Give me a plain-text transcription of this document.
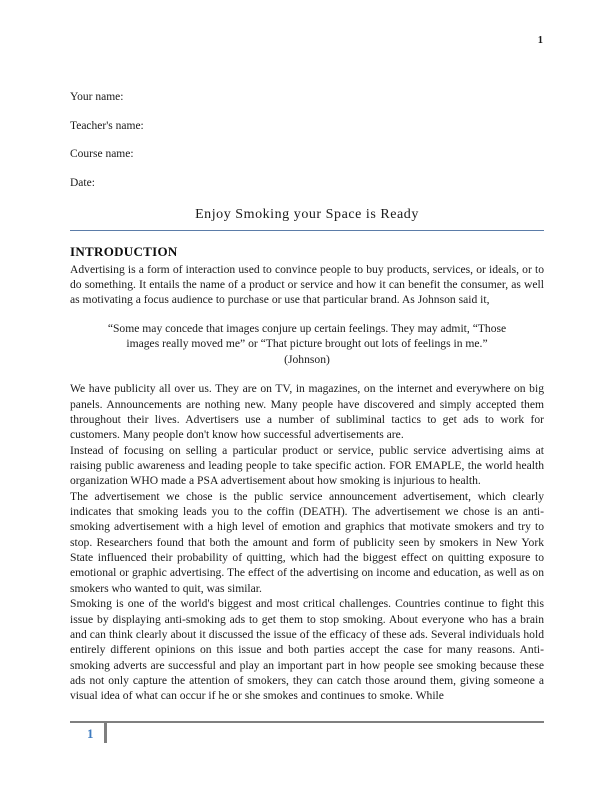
1
Your name:
Teacher's name:
Course name:
Date:
Enjoy Smoking your Space is Ready
INTRODUCTION

Advertising is a form of interaction used to convince people to buy products, services, or ideals, or to do something. It entails the name of a product or service and how it can benefit the consumer, as well as motivating a focus audience to purchase or use that particular brand. As Johnson said it,

“Some may concede that images conjure up certain feelings. They may admit, “Those images really moved me” or “That picture brought out lots of feelings in me.” (Johnson)

We have publicity all over us. They are on TV, in magazines, on the internet and everywhere on big panels. Announcements are nothing new. Many people have discovered and simply accepted them throughout their lives. Advertisers use a number of subliminal tactics to get ads to work for customers. Many people don't know how successful advertisements are.

Instead of focusing on selling a particular product or service, public service advertising aims at raising public awareness and leading people to take specific action. FOR EMAPLE, the world health organization WHO made a PSA advertisement about how smoking is injurious to health.

The advertisement we chose is the public service announcement advertisement, which clearly indicates that smoking leads you to the coffin (DEATH). The advertisement we chose is an anti-smoking advertisement with a high level of emotion and graphics that motivate smokers and try to stop. Researchers found that both the amount and form of publicity seen by smokers in New York State influenced their probability of quitting, which had the biggest effect on quitting exposure to emotional or graphic advertising. The effect of the advertising on income and education, as well as on smokers who wanted to quit, was similar.

Smoking is one of the world's biggest and most critical challenges. Countries continue to fight this issue by displaying anti-smoking ads to get them to stop smoking. About everyone who has a brain and can think clearly about it discussed the issue of the efficacy of these ads. Several individuals hold entirely different opinions on this issue and both parties accept the case for many reasons. Anti-smoking adverts are successful and play an important part in how people see smoking because these ads not only capture the attention of smokers, they can catch those around them, giving someone a visual idea of what can occur if he or she smokes and continues to smoke. While

1
